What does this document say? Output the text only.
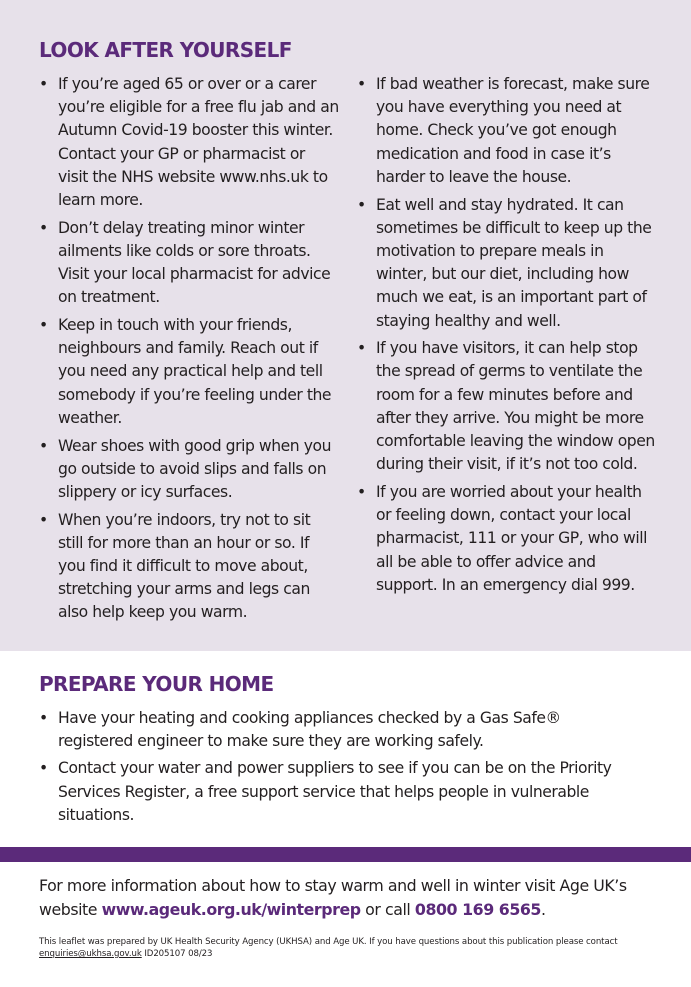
LOOK AFTER YOURSELF
• If you’re aged 65 or over or a carer you’re eligible for a free flu jab and an Autumn Covid-19 booster this winter. Contact your GP or pharmacist or visit the NHS website www.nhs.uk to learn more.
• Don’t delay treating minor winter ailments like colds or sore throats. Visit your local pharmacist for advice on treatment.
• Keep in touch with your friends, neighbours and family. Reach out if you need any practical help and tell somebody if you’re feeling under the weather.
• Wear shoes with good grip when you go outside to avoid slips and falls on slippery or icy surfaces.
• When you’re indoors, try not to sit still for more than an hour or so. If you find it difficult to move about, stretching your arms and legs can also help keep you warm.
• If bad weather is forecast, make sure you have everything you need at home. Check you’ve got enough medication and food in case it’s harder to leave the house.
• Eat well and stay hydrated. It can sometimes be difficult to keep up the motivation to prepare meals in winter, but our diet, including how much we eat, is an important part of staying healthy and well.
• If you have visitors, it can help stop the spread of germs to ventilate the room for a few minutes before and after they arrive. You might be more comfortable leaving the window open during their visit, if it’s not too cold.
• If you are worried about your health or feeling down, contact your local pharmacist, 111 or your GP, who will all be able to offer advice and support. In an emergency dial 999.
PREPARE YOUR HOME
• Have your heating and cooking appliances checked by a Gas Safe® registered engineer to make sure they are working safely.
• Contact your water and power suppliers to see if you can be on the Priority Services Register, a free support service that helps people in vulnerable situations.

For more information about how to stay warm and well in winter visit Age UK’s website www.ageuk.org.uk/winterprep or call 0800 169 6565.

This leaflet was prepared by UK Health Security Agency (UKHSA) and Age UK. If you have questions about this publication please contact enquiries@ukhsa.gov.uk ID205107 08/23
